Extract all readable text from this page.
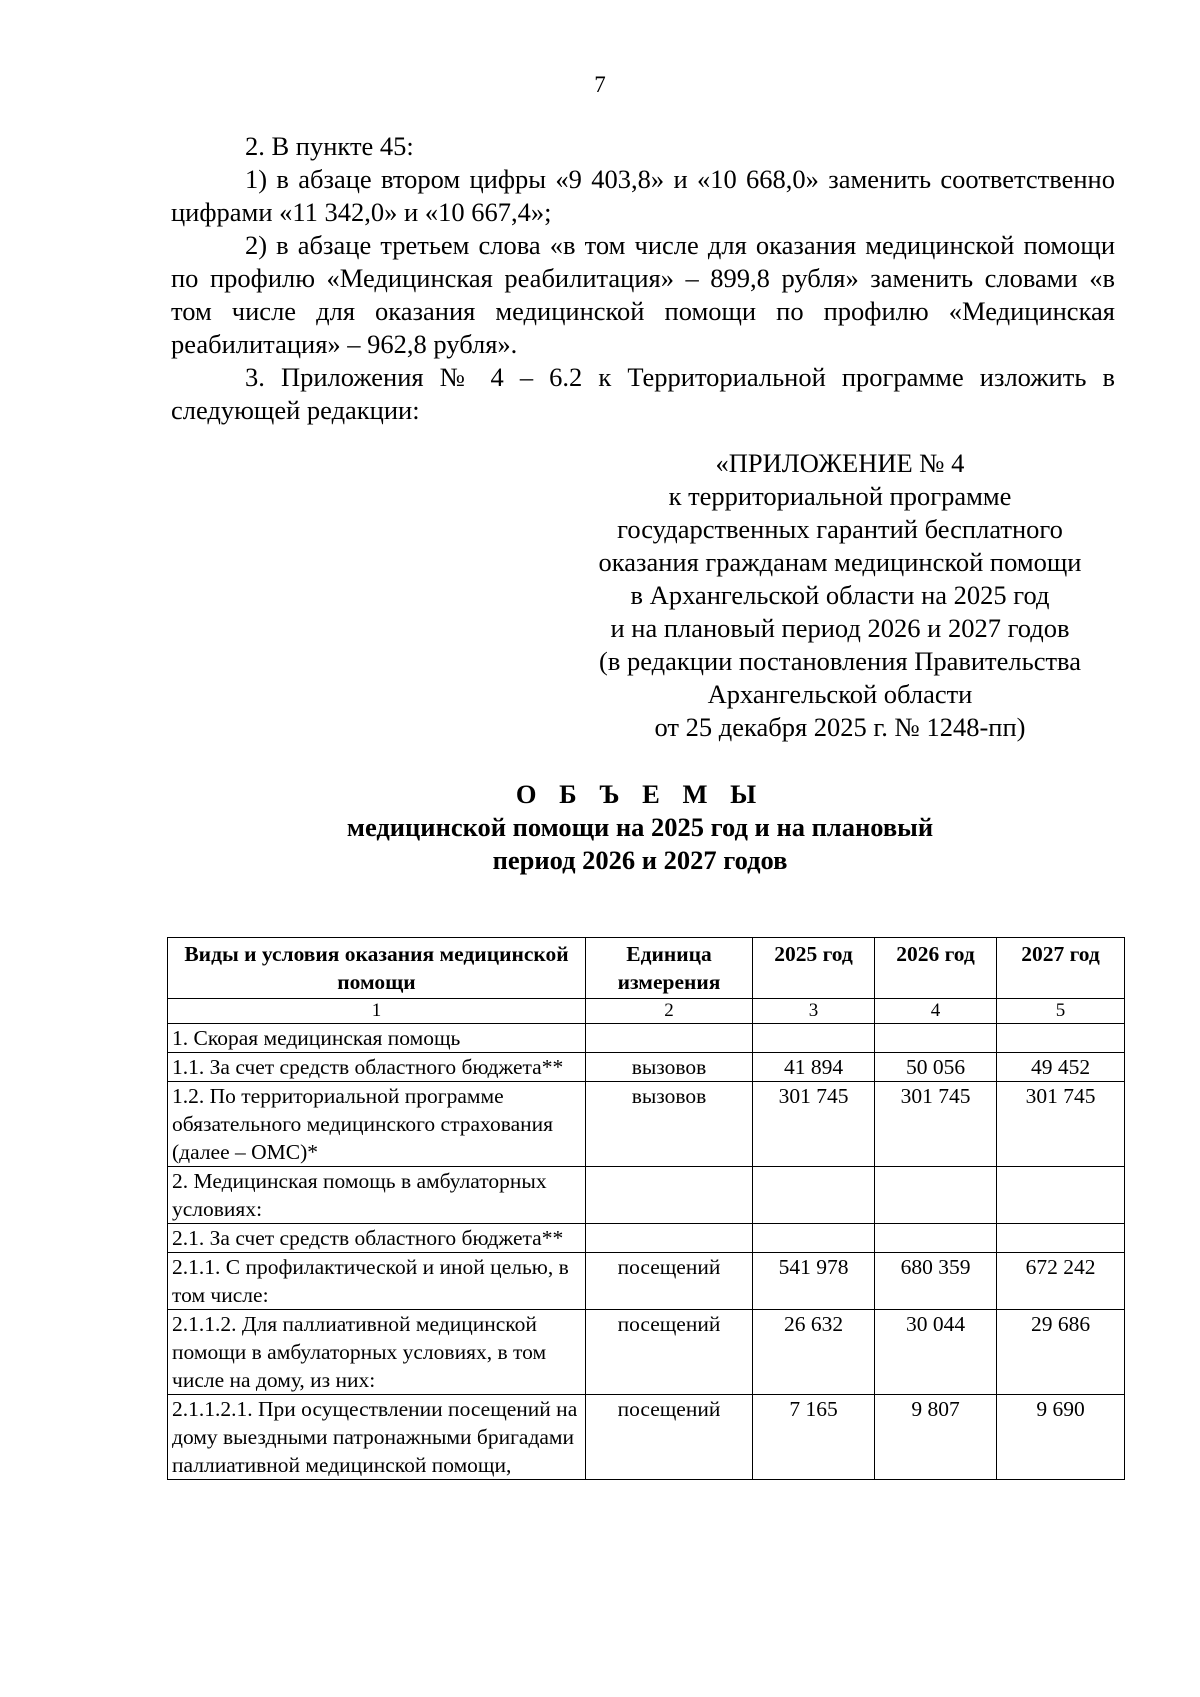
7

2. В пункте 45:

1) в абзаце втором цифры «9 403,8» и «10 668,0» заменить соответственно цифрами «11 342,0» и «10 667,4»;

2) в абзаце третьем слова «в том числе для оказания медицинской помощи по профилю «Медицинская реабилитация» – 899,8 рубля» заменить словами «в том числе для оказания медицинской помощи по профилю «Медицинская реабилитация» – 962,8 рубля».

3. Приложения № 4 – 6.2 к Территориальной программе изложить в следующей редакции:

«ПРИЛОЖЕНИЕ № 4
к территориальной программе
государственных гарантий бесплатного
оказания гражданам медицинской помощи
в Архангельской области на 2025 год
и на плановый период 2026 и 2027 годов
(в редакции постановления Правительства
Архангельской области
от 25 декабря 2025 г. № 1248-пп)
О Б Ъ Е М Ы
медицинской помощи на 2025 год и на плановый
период 2026 и 2027 годов
Виды и условия оказания медицинской помощи	Единица измерения	2025 год	2026 год	2027 год
1	2	3	4	5
1. Скорая медицинская помощь				
1.1. За счет средств областного бюджета**	вызовов	41 894	50 056	49 452
1.2. По территориальной программе обязательного медицинского страхования (далее – ОМС)*	вызовов	301 745	301 745	301 745
2. Медицинская помощь в амбулаторных условиях:				
2.1. За счет средств областного бюджета**				
2.1.1. С профилактической и иной целью, в том числе:	посещений	541 978	680 359	672 242
2.1.1.2. Для паллиативной медицинской помощи в амбулаторных условиях, в том числе на дому, из них:	посещений	26 632	30 044	29 686
2.1.1.2.1. При осуществлении посещений на дому выездными патронажными бригадами паллиативной медицинской помощи,	посещений	7 165	9 807	9 690
